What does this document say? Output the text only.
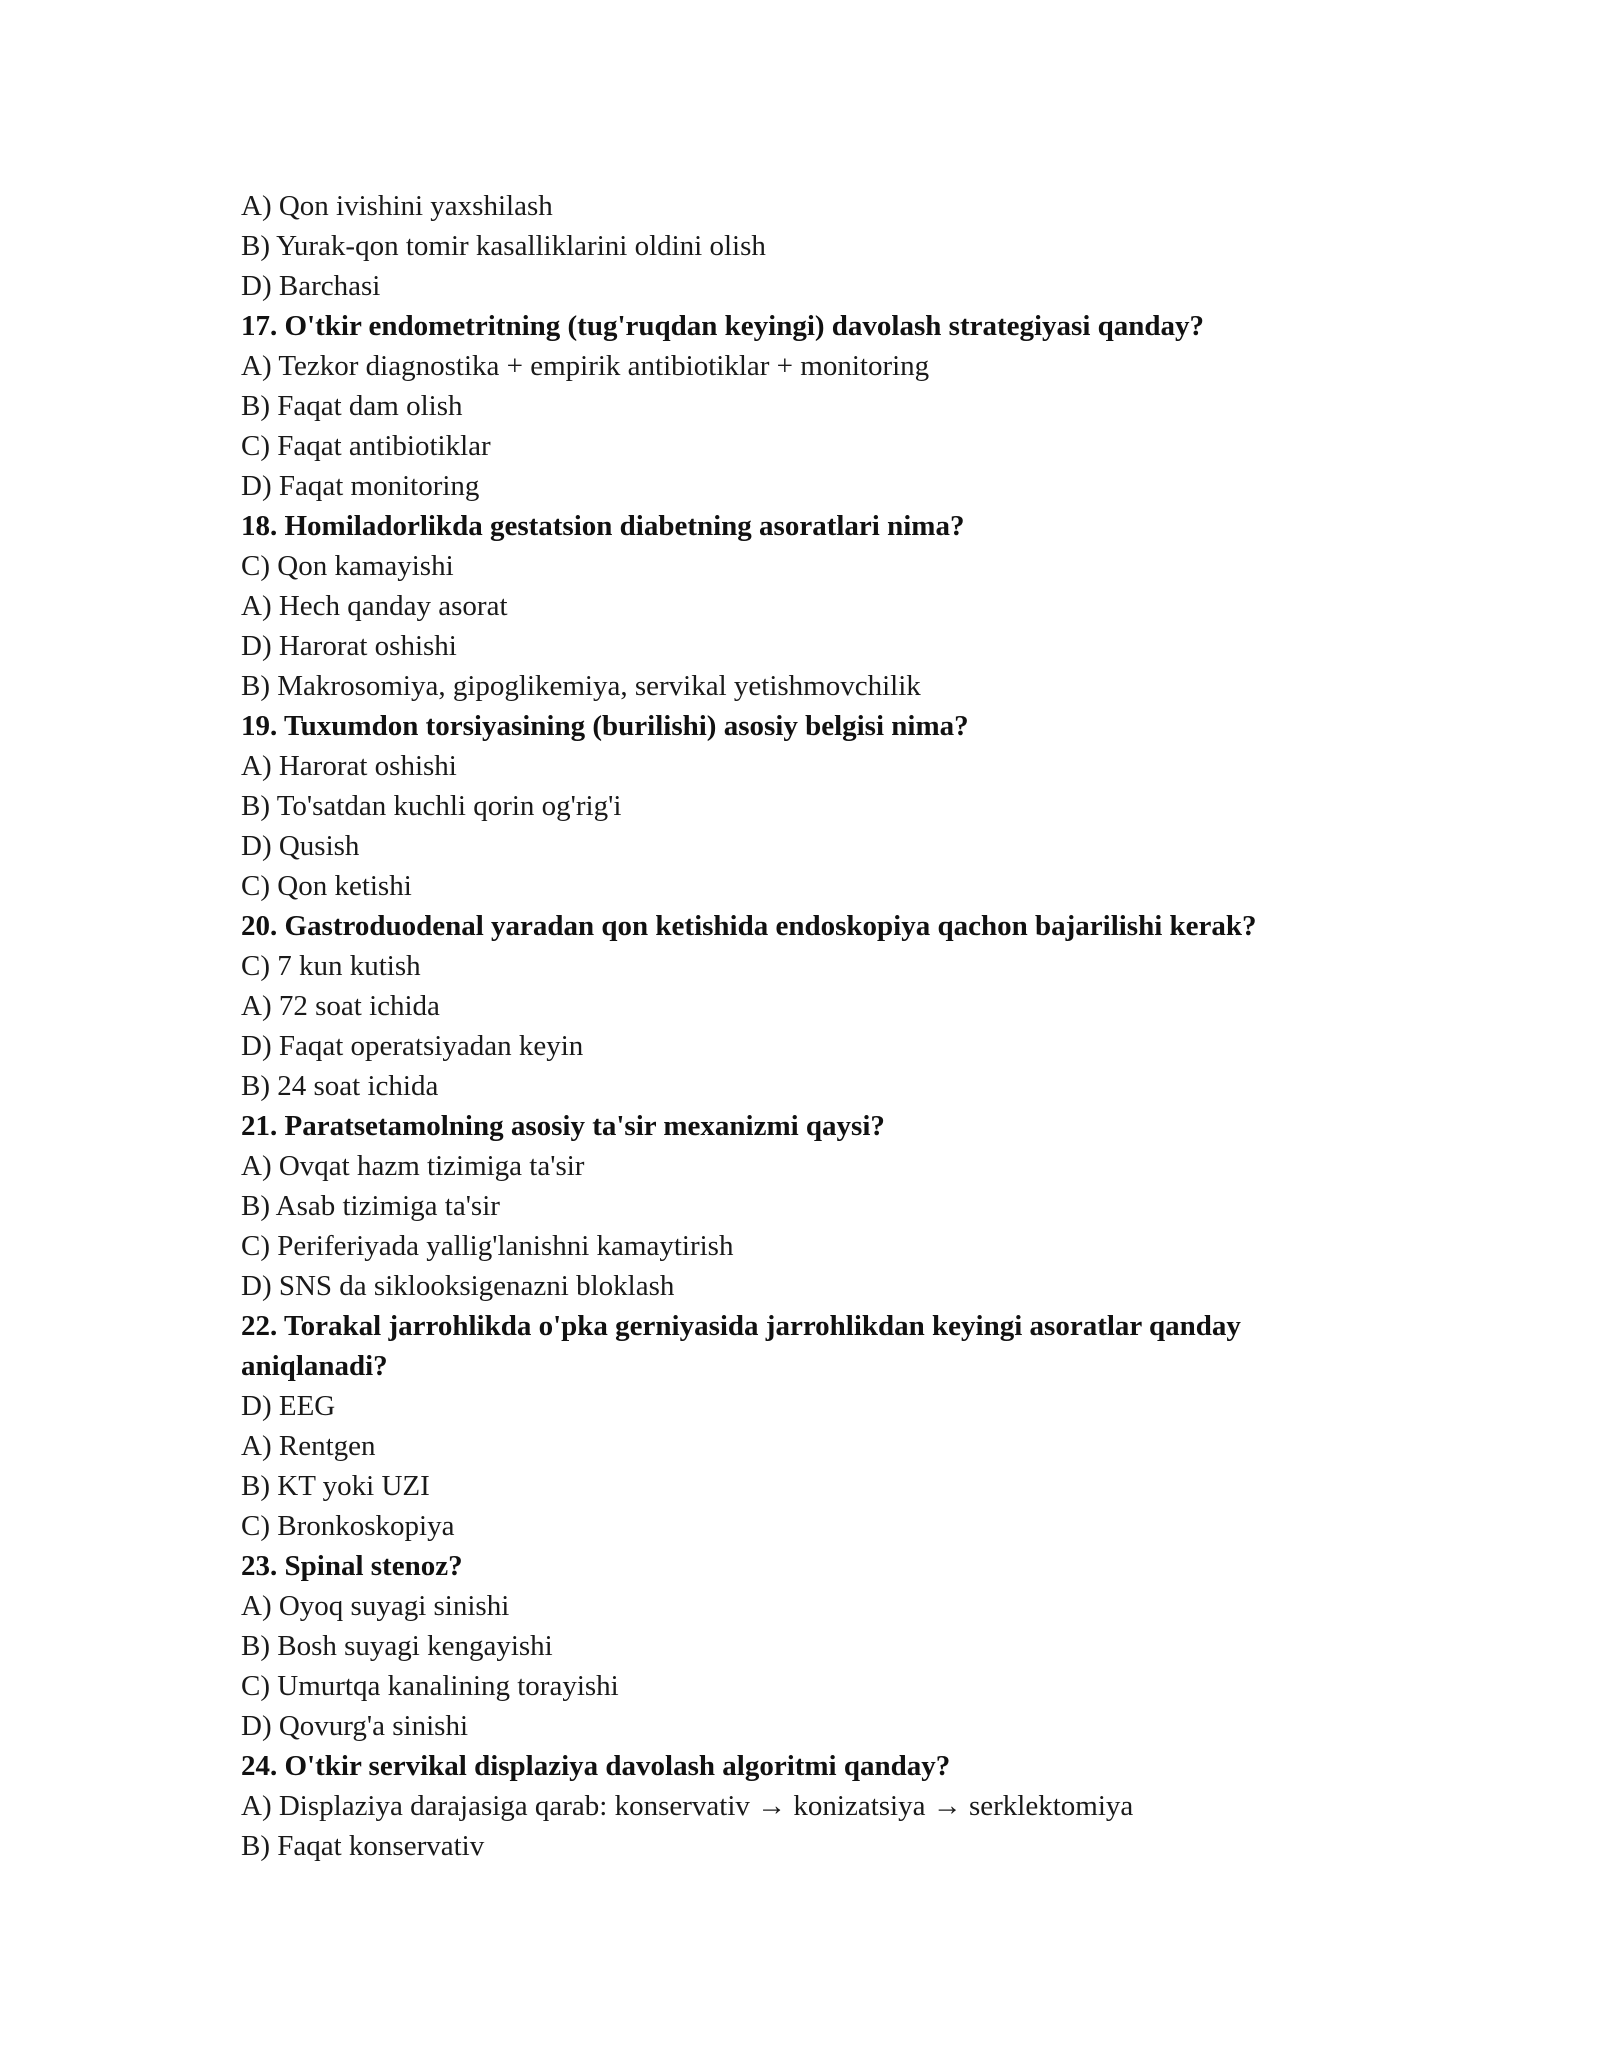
A) Qon ivishini yaxshilash
B) Yurak-qon tomir kasalliklarini oldini olish
D) Barchasi
17. O'tkir endometritning (tug'ruqdan keyingi) davolash strategiyasi qanday?
A) Tezkor diagnostika + empirik antibiotiklar + monitoring
B) Faqat dam olish
C) Faqat antibiotiklar
D) Faqat monitoring
18. Homiladorlikda gestatsion diabetning asoratlari nima?
C) Qon kamayishi
A) Hech qanday asorat
D) Harorat oshishi
B) Makrosomiya, gipoglikemiya, servikal yetishmovchilik
19. Tuxumdon torsiyasining (burilishi) asosiy belgisi nima?
A) Harorat oshishi
B) To'satdan kuchli qorin og'rig'i
D) Qusish
C) Qon ketishi
20. Gastroduodenal yaradan qon ketishida endoskopiya qachon bajarilishi kerak?
C) 7 kun kutish
A) 72 soat ichida
D) Faqat operatsiyadan keyin
B) 24 soat ichida
21. Paratsetamolning asosiy ta'sir mexanizmi qaysi?
A) Ovqat hazm tizimiga ta'sir
B) Asab tizimiga ta'sir
C) Periferiyada yallig'lanishni kamaytirish
D) SNS da siklooksigenazni bloklash
22. Torakal jarrohlikda o'pka gerniyasida jarrohlikdan keyingi asoratlar qanday aniqlanadi?
D) EEG
A) Rentgen
B) KT yoki UZI
C) Bronkoskopiya
23. Spinal stenoz?
A) Oyoq suyagi sinishi
B) Bosh suyagi kengayishi
C) Umurtqa kanalining torayishi
D) Qovurg'a sinishi
24. O'tkir servikal displaziya davolash algoritmi qanday?
A) Displaziya darajasiga qarab: konservativ → konizatsiya → serklektomiya
B) Faqat konservativ
